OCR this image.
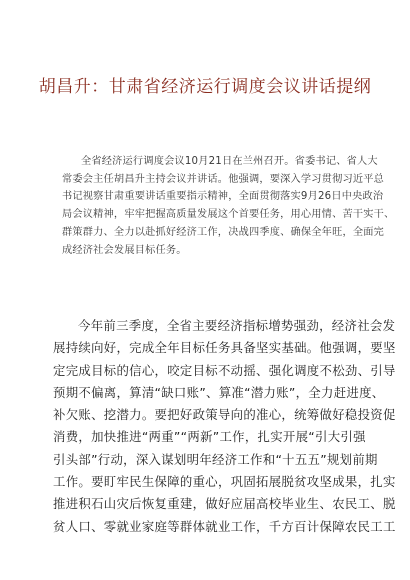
胡昌升：甘肃省经济运行调度会议讲话提纲
全省经济运行调度会议10月21日在兰州召开。省委书记、省人大
常委会主任胡昌升主持会议并讲话。他强调，要深入学习贯彻习近平总
书记视察甘肃重要讲话重要指示精神，全面贯彻落实9月26日中央政治
局会议精神，牢牢把握高质量发展这个首要任务，用心用情、苦干实干、
群策群力、全力以赴抓好经济工作，决战四季度、确保全年旺，全面完
成经济社会发展目标任务。
今年前三季度，全省主要经济指标增势强劲，经济社会发
展持续向好，完成全年目标任务具备坚实基础。他强调，要坚
定完成目标的信心，咬定目标不动摇、强化调度不松劲、引导
预期不偏离，算清“缺口账”、算准“潜力账”，全力赶进度、
补欠账、挖潜力。要把好政策导向的准心，统筹做好稳投资促
消费，加快推进“两重”“两新”工作，扎实开展“引大引强
引头部”行动，深入谋划明年经济工作和“十五五”规划前期
工作。要盯牢民生保障的重心，巩固拓展脱贫攻坚成果，扎实
推进积石山灾后恢复重建，做好应届高校毕业生、农民工、脱
贫人口、零就业家庭等群体就业工作，千方百计保障农民工工
